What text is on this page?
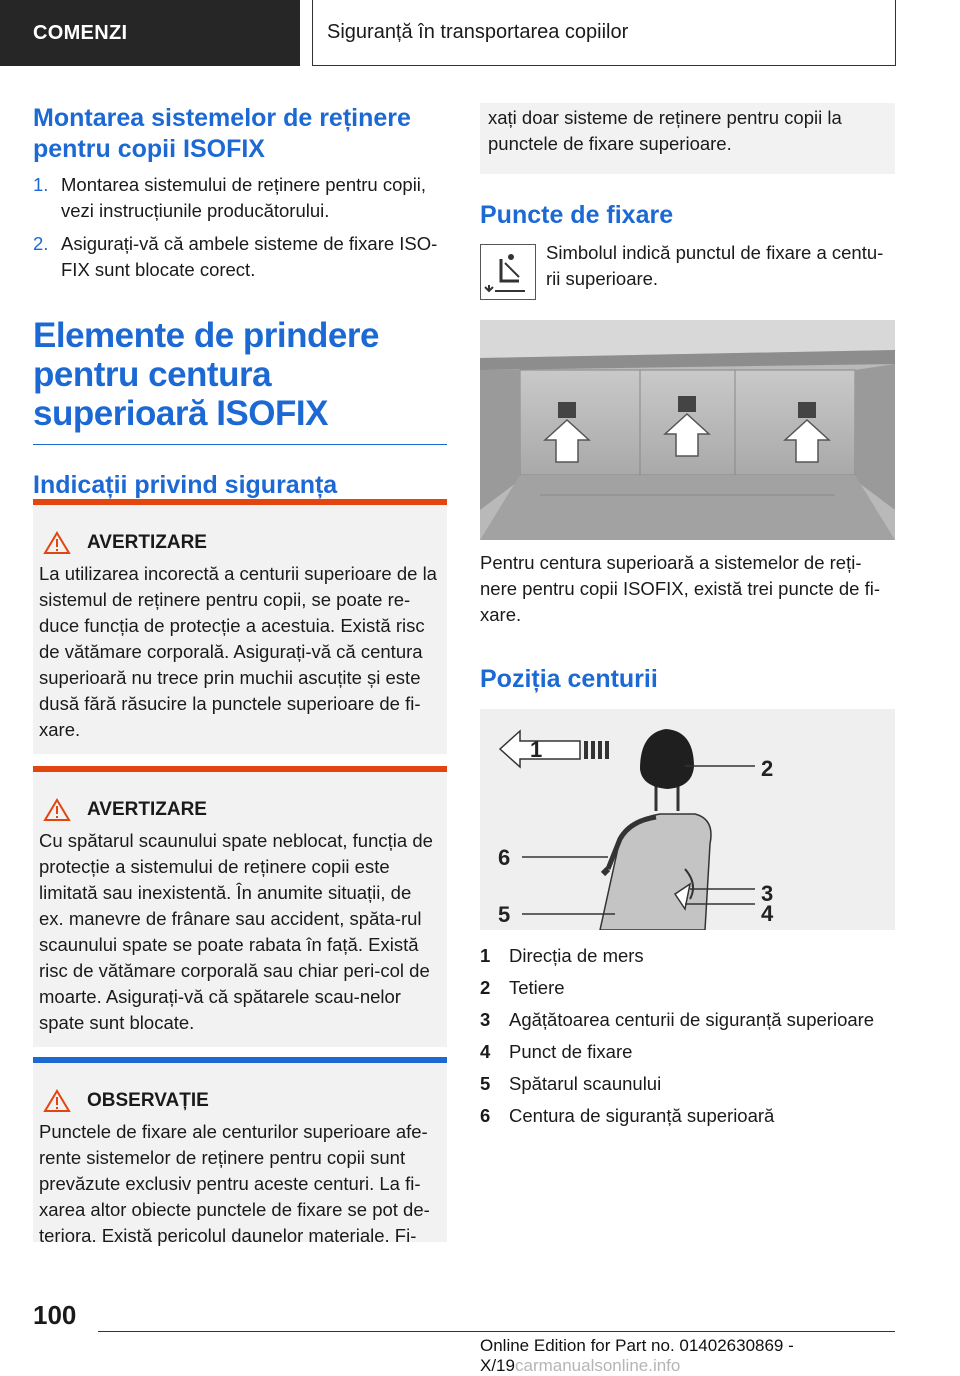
COMENZI	Siguranță în transportarea copiilor
Montarea sistemelor de reținere pentru copii ISOFIX
1. Montarea sistemului de reținere pentru copii, vezi instrucțiunile producătorului.
2. Asigurați-vă că ambele sisteme de fixare ISO-FIX sunt blocate corect.
Elemente de prindere pentru centura superioară ISOFIX
Indicații privind siguranța
AVERTIZARE

La utilizarea incorectă a centurii superioare de la sistemul de reținere pentru copii, se poate re-duce funcția de protecție a acestuia. Există risc de vătămare corporală. Asigurați-vă că centura superioară nu trece prin muchii ascuțite și este dusă fără răsucire la punctele superioare de fi-xare.

AVERTIZARE

Cu spătarul scaunului spate neblocat, funcția de protecție a sistemului de reținere copii este limitată sau inexistentă. În anumite situații, de ex. manevre de frânare sau accident, spăta-rul scaunului spate se poate rabata în față. Există risc de vătămare corporală sau chiar peri-col de moarte. Asigurați-vă că spătarele scau-nelor spate sunt blocate.

OBSERVAȚIE

Punctele de fixare ale centurilor superioare afe-rente sistemelor de reținere pentru copii sunt prevăzute exclusiv pentru aceste centuri. La fi-xarea altor obiecte punctele de fixare se pot de-teriora. Există pericolul daunelor materiale. Fi-

xați doar sisteme de reținere pentru copii la punctele de fixare superioare.

Puncte de fixare

Simbolul indică punctul de fixare a centu-rii superioare.

Pentru centura superioară a sistemelor de reți-nere pentru copii ISOFIX, există trei puncte de fi-xare.

Poziția centurii
1
2
3
4
5
6
1	Direcția de mers
2	Tetiere
3	Agățătoarea centurii de siguranță superioare
4	Punct de fixare
5	Spătarul scaunului
6	Centura de siguranță superioară
100
Online Edition for Part no. 01402630869 - X/19carmanualsonline.info
